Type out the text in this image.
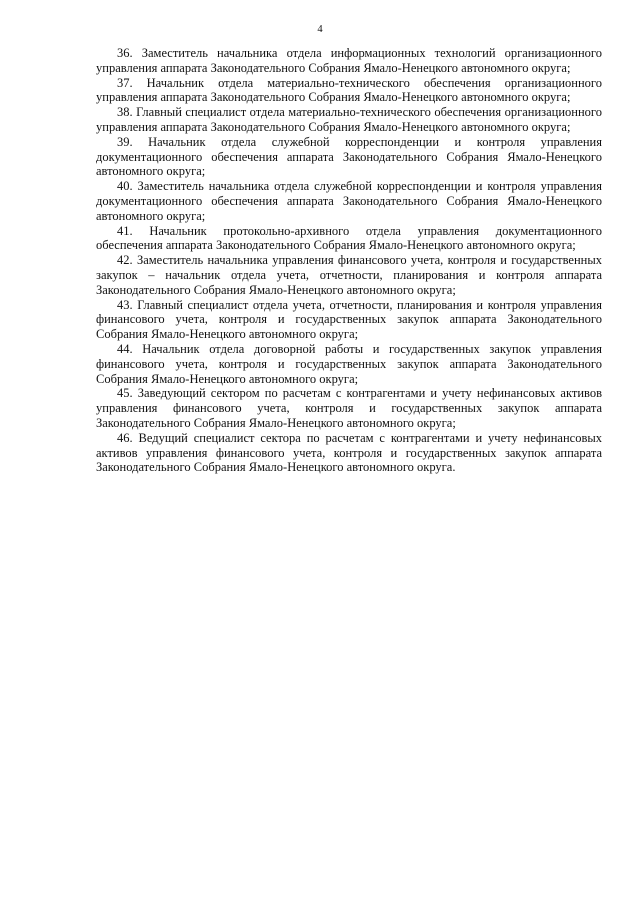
4

36. Заместитель начальника отдела информационных технологий организационного управления аппарата Законодательного Собрания Ямало-Ненецкого автономного округа;

37. Начальник отдела материально-технического обеспечения организационного управления аппарата Законодательного Собрания Ямало-Ненецкого автономного округа;

38. Главный специалист отдела материально-технического обеспечения организационного управления аппарата Законодательного Собрания Ямало-Ненецкого автономного округа;

39. Начальник отдела служебной корреспонденции и контроля управления документационного обеспечения аппарата Законодательного Собрания Ямало-Ненецкого автономного округа;

40. Заместитель начальника отдела служебной корреспонденции и контроля управления документационного обеспечения аппарата Законодательного Собрания Ямало-Ненецкого автономного округа;

41. Начальник протокольно-архивного отдела управления документационного обеспечения аппарата Законодательного Собрания Ямало-Ненецкого автономного округа;

42. Заместитель начальника управления финансового учета, контроля и государственных закупок – начальник отдела учета, отчетности, планирования и контроля аппарата Законодательного Собрания Ямало-Ненецкого автономного округа;

43. Главный специалист отдела учета, отчетности, планирования и контроля управления финансового учета, контроля и государственных закупок аппарата Законодательного Собрания Ямало-Ненецкого автономного округа;

44. Начальник отдела договорной работы и государственных закупок управления финансового учета, контроля и государственных закупок аппарата Законодательного Собрания Ямало-Ненецкого автономного округа;

45. Заведующий сектором по расчетам с контрагентами и учету нефинансовых активов управления финансового учета, контроля и государственных закупок аппарата Законодательного Собрания Ямало-Ненецкого автономного округа;

46. Ведущий специалист сектора по расчетам с контрагентами и учету нефинансовых активов управления финансового учета, контроля и государственных закупок аппарата Законодательного Собрания Ямало-Ненецкого автономного округа.
